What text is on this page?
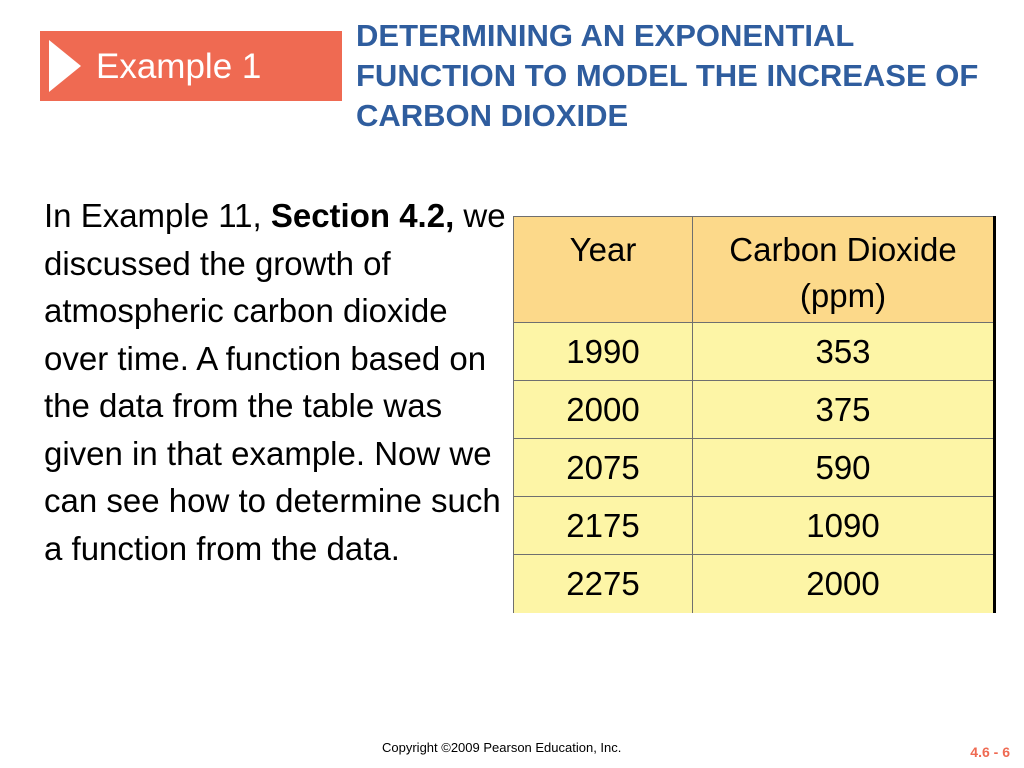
Example 1
DETERMINING AN EXPONENTIAL FUNCTION TO MODEL THE INCREASE OF CARBON DIOXIDE
In Example 11, Section 4.2, we discussed the growth of atmospheric carbon dioxide over time. A function based on the data from the table was given in that example. Now we can see how to determine such a function from the data.
Year	Carbon Dioxide (ppm)
1990	353
2000	375
2075	590
2175	1090
2275	2000
Copyright ©2009 Pearson Education, Inc.	4.6 - 6
